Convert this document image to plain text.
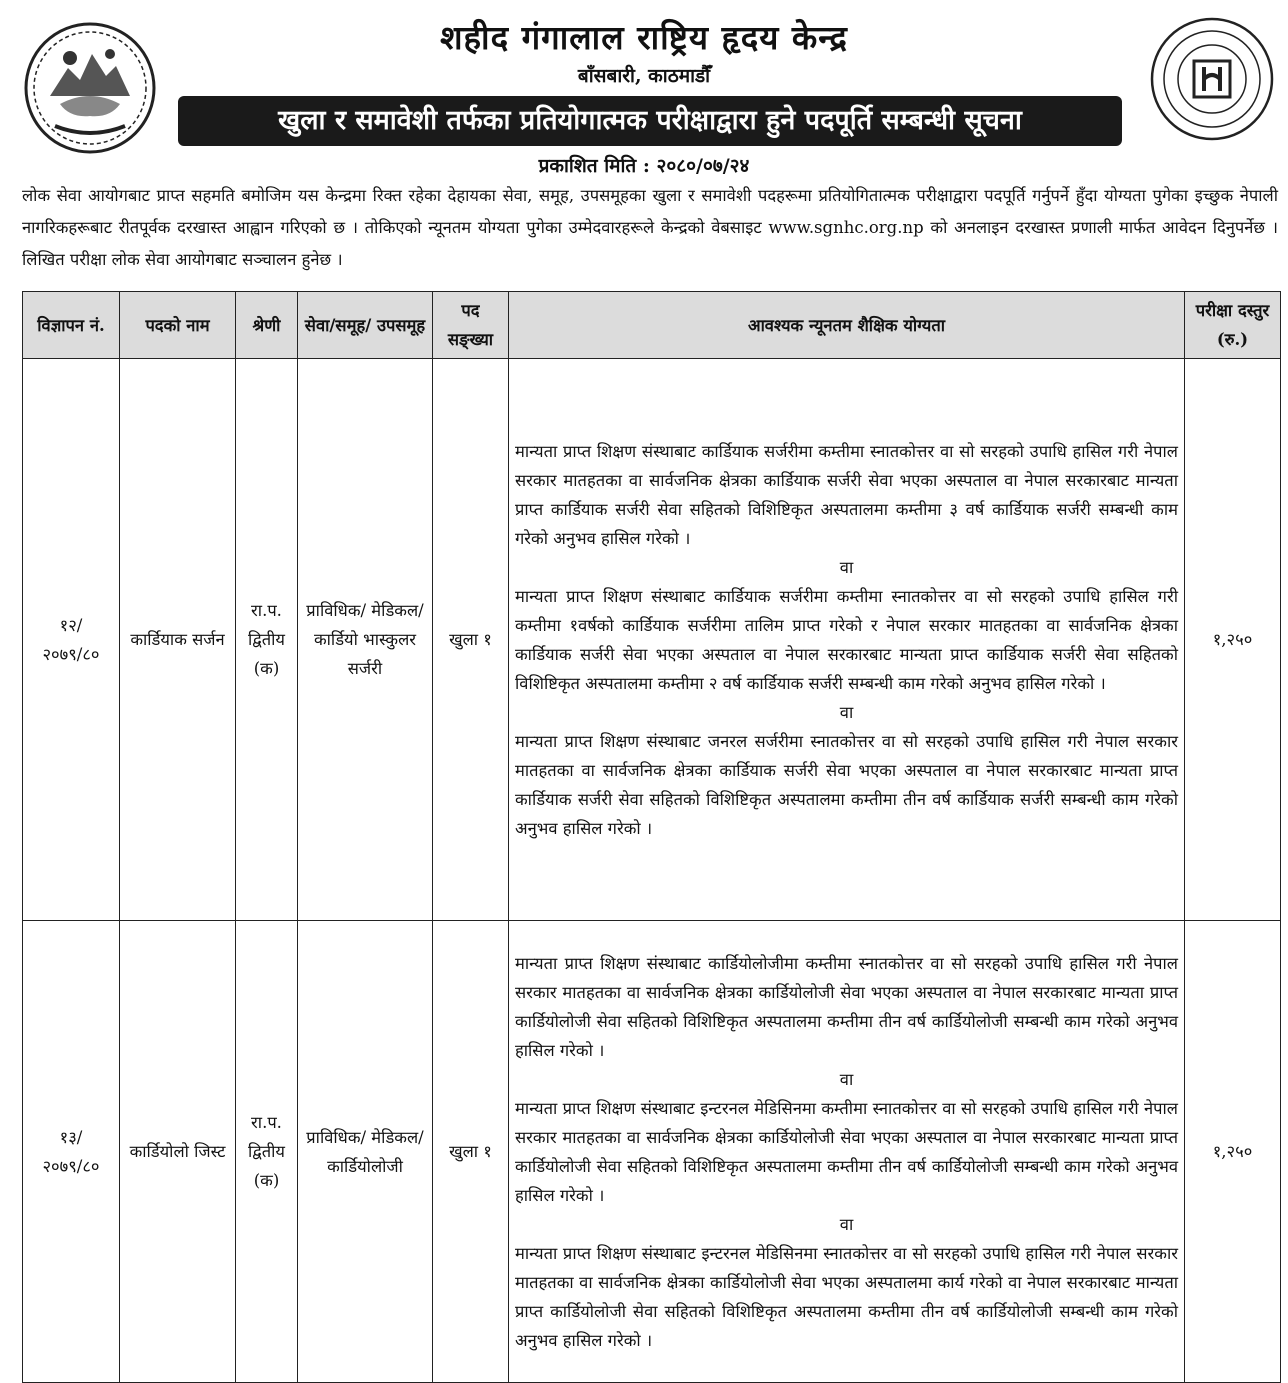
शहीद गंगालाल राष्ट्रिय हृदय केन्द्र
बाँसबारी, काठमाडौँ
खुला र समावेशी तर्फका प्रतियोगात्मक परीक्षाद्वारा हुने पदपूर्ति सम्बन्धी सूचना
प्रकाशित मिति : २०८०/०७/२४
लोक सेवा आयोगबाट प्राप्त सहमति बमोजिम यस केन्द्रमा रिक्त रहेका देहायका सेवा, समूह, उपसमूहका खुला र समावेशी पदहरूमा प्रतियोगितात्मक परीक्षाद्वारा पदपूर्ति गर्नुपर्ने हुँदा योग्यता पुगेका इच्छुक नेपाली नागरिकहरूबाट रीतपूर्वक दरखास्त आह्वान गरिएको छ । तोकिएको न्यूनतम योग्यता पुगेका उम्मेदवारहरूले केन्द्रको वेबसाइट www.sgnhc.org.np को अनलाइन दरखास्त प्रणाली मार्फत आवेदन दिनुपर्नेछ । लिखित परीक्षा लोक सेवा आयोगबाट सञ्चालन हुनेछ ।
विज्ञापन नं.	पदको नाम	श्रेणी	सेवा/समूह/ उपसमूह	पद सङ्ख्या	आवश्यक न्यूनतम शैक्षिक योग्यता	परीक्षा दस्तुर (रु.)
१२/ २०७९/८०	कार्डियाक सर्जन	रा.प. द्वितीय (क)	प्राविधिक/ मेडिकल/ कार्डियो भास्कुलर सर्जरी	खुला १	मान्यता प्राप्त शिक्षण संस्थाबाट कार्डियाक सर्जरीमा कम्तीमा स्नातकोत्तर वा सो सरहको उपाधि हासिल गरी नेपाल सरकार मातहतका वा सार्वजनिक क्षेत्रका कार्डियाक सर्जरी सेवा भएका अस्पताल वा नेपाल सरकारबाट मान्यता प्राप्त कार्डियाक सर्जरी सेवा सहितको विशिष्टिकृत अस्पतालमा कम्तीमा ३ वर्ष कार्डियाक सर्जरी सम्बन्धी काम गरेको अनुभव हासिल गरेको ।
वा
मान्यता प्राप्त शिक्षण संस्थाबाट कार्डियाक सर्जरीमा कम्तीमा स्नातकोत्तर वा सो सरहको उपाधि हासिल गरी कम्तीमा १वर्षको कार्डियाक सर्जरीमा तालिम प्राप्त गरेको र नेपाल सरकार मातहतका वा सार्वजनिक क्षेत्रका कार्डियाक सर्जरी सेवा भएका अस्पताल वा नेपाल सरकारबाट मान्यता प्राप्त कार्डियाक सर्जरी सेवा सहितको विशिष्टिकृत अस्पतालमा कम्तीमा २ वर्ष कार्डियाक सर्जरी सम्बन्धी काम गरेको अनुभव हासिल गरेको ।
वा
मान्यता प्राप्त शिक्षण संस्थाबाट जनरल सर्जरीमा स्नातकोत्तर वा सो सरहको उपाधि हासिल गरी नेपाल सरकार मातहतका वा सार्वजनिक क्षेत्रका कार्डियाक सर्जरी सेवा भएका अस्पताल वा नेपाल सरकारबाट मान्यता प्राप्त कार्डियाक सर्जरी सेवा सहितको विशिष्टिकृत अस्पतालमा कम्तीमा तीन वर्ष कार्डियाक सर्जरी सम्बन्धी काम गरेको अनुभव हासिल गरेको ।	१,२५०
१३/ २०७९/८०	कार्डियोलो जिस्ट	रा.प. द्वितीय (क)	प्राविधिक/ मेडिकल/ कार्डियोलोजी	खुला १	मान्यता प्राप्त शिक्षण संस्थाबाट कार्डियोलोजीमा कम्तीमा स्नातकोत्तर वा सो सरहको उपाधि हासिल गरी नेपाल सरकार मातहतका वा सार्वजनिक क्षेत्रका कार्डियोलोजी सेवा भएका अस्पताल वा नेपाल सरकारबाट मान्यता प्राप्त कार्डियोलोजी सेवा सहितको विशिष्टिकृत अस्पतालमा कम्तीमा तीन वर्ष कार्डियोलोजी सम्बन्धी काम गरेको अनुभव हासिल गरेको ।
वा
मान्यता प्राप्त शिक्षण संस्थाबाट इन्टरनल मेडिसिनमा कम्तीमा स्नातकोत्तर वा सो सरहको उपाधि हासिल गरी नेपाल सरकार मातहतका वा सार्वजनिक क्षेत्रका कार्डियोलोजी सेवा भएका अस्पताल वा नेपाल सरकारबाट मान्यता प्राप्त कार्डियोलोजी सेवा सहितको विशिष्टिकृत अस्पतालमा कम्तीमा तीन वर्ष कार्डियोलोजी सम्बन्धी काम गरेको अनुभव हासिल गरेको ।
वा
मान्यता प्राप्त शिक्षण संस्थाबाट इन्टरनल मेडिसिनमा स्नातकोत्तर वा सो सरहको उपाधि हासिल गरी नेपाल सरकार मातहतका वा सार्वजनिक क्षेत्रका कार्डियोलोजी सेवा भएका अस्पतालमा कार्य गरेको वा नेपाल सरकारबाट मान्यता प्राप्त कार्डियोलोजी सेवा सहितको विशिष्टिकृत अस्पतालमा कम्तीमा तीन वर्ष कार्डियोलोजी सम्बन्धी काम गरेको अनुभव हासिल गरेको ।	१,२५०
